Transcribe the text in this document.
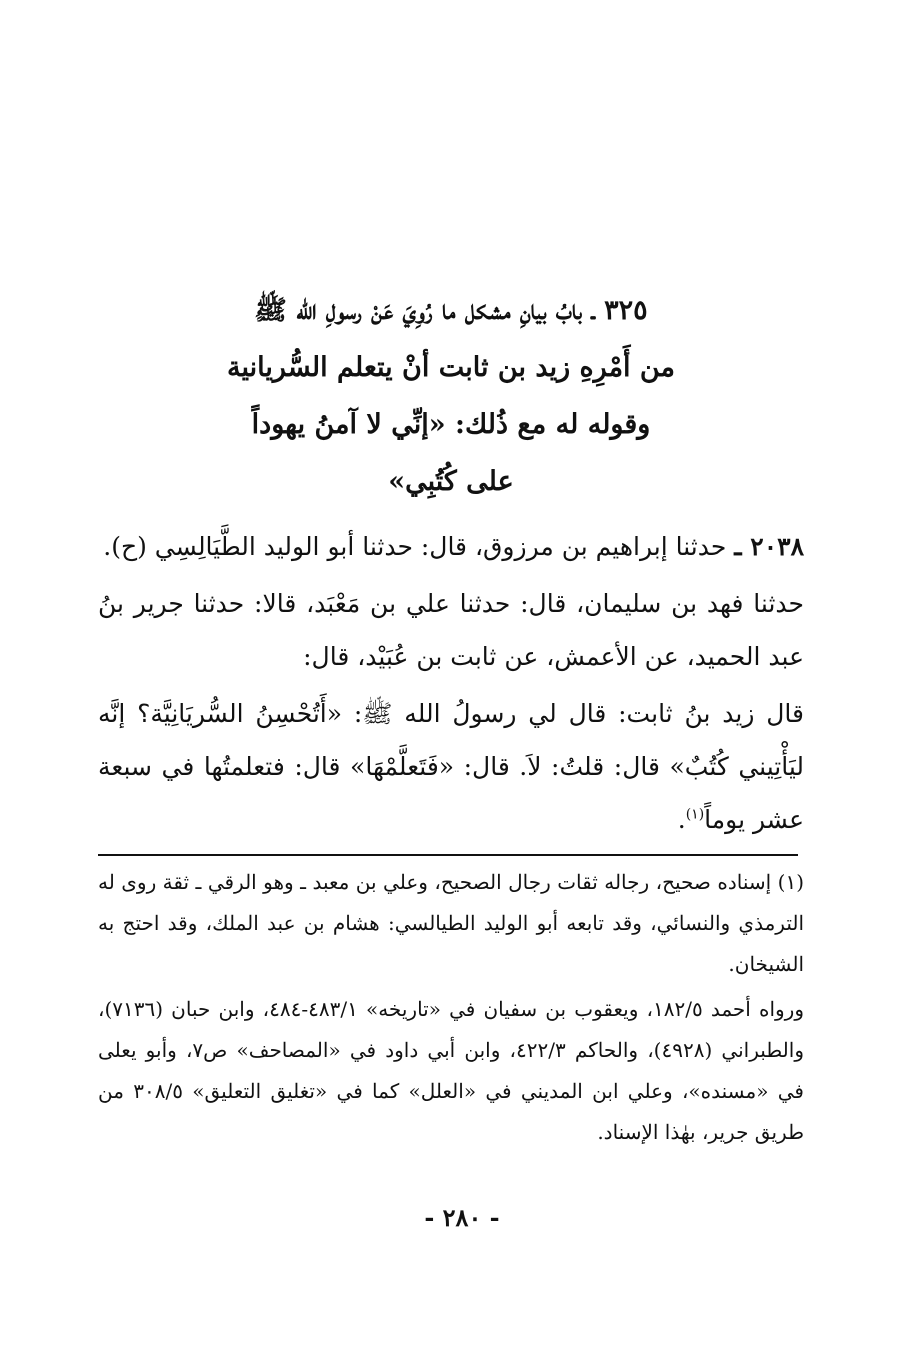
٣٢٥ ـ بابُ بيانِ مشكل ما رُوِيَ عَنْ رسولِ الله ﷺ
من أَمْرِهِ زيد بن ثابت أنْ يتعلم السُّريانية
وقوله له مع ذُلك: «إنِّي لا آمنُ يهوداً
على كُتُبِي»

٢٠٣٨ ـ حدثنا إبراهيم بن مرزوق، قال: حدثنا أبو الوليد الطَّيَالِسِي (ح).

حدثنا فهد بن سليمان، قال: حدثنا علي بن مَعْبَد، قالا: حدثنا جرير بنُ عبد الحميد، عن الأعمش، عن ثابت بن عُبَيْد، قال:

قال زيد بنُ ثابت: قال لي رسولُ الله ﷺ: «أَتُحْسِنُ السُّريَانِيَّة؟ إنَّه ليَأْتِيني كُتُبٌ» قال: قلتُ: لاَ. قال: «فَتَعلَّمْهَا» قال: فتعلمتُها في سبعة عشر يوماً$^{(١)}$.

(١) إسناده صحيح، رجاله ثقات رجال الصحيح، وعلي بن معبد ـ وهو الرقي ـ ثقة روى له الترمذي والنسائي، وقد تابعه أبو الوليد الطيالسي: هشام بن عبد الملك، وقد احتج به الشيخان.

ورواه أحمد ١٨٢/٥، ويعقوب بن سفيان في «تاريخه» ٤٨٣/١-٤٨٤، وابن حبان (٧١٣٦)، والطبراني (٤٩٢٨)، والحاكم ٤٢٢/٣، وابن أبي داود في «المصاحف» ص٧، وأبو يعلى في «مسنده»، وعلي ابن المديني في «العلل» كما في «تغليق التعليق» ٣٠٨/٥ من طريق جرير، بهٰذا الإسناد.

- ٢٨٠ -
